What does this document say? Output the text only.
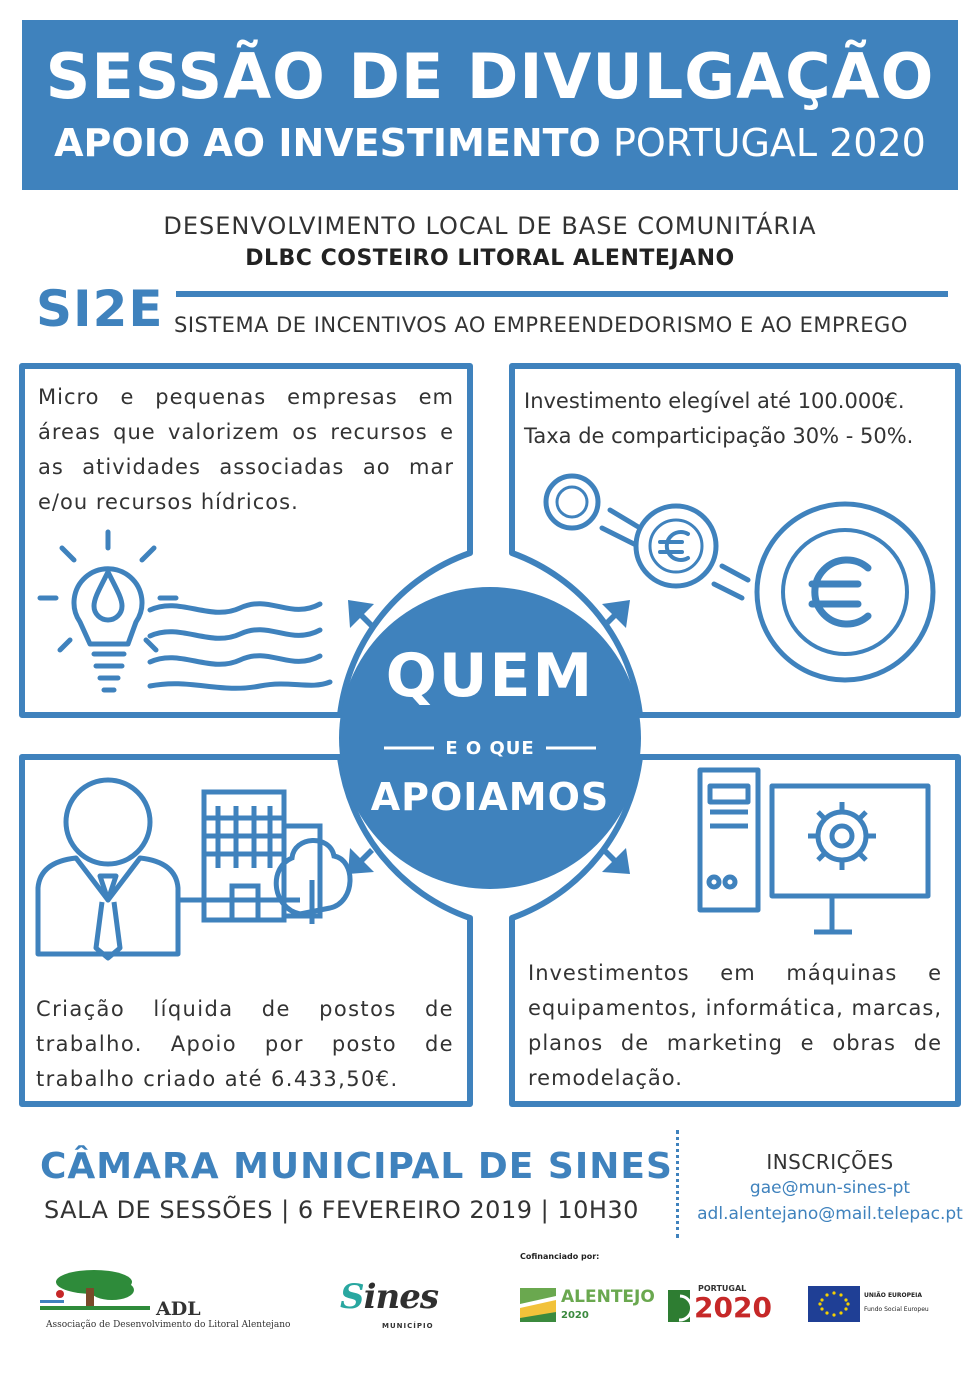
SESSÃO DE DIVULGAÇÃO
APOIO AO INVESTIMENTO PORTUGAL 2020
DESENVOLVIMENTO LOCAL DE BASE COMUNITÁRIA
DLBC COSTEIRO LITORAL ALENTEJANO
SI2E SISTEMA DE INCENTIVOS AO EMPREENDEDORISMO E AO EMPREGO
Micro e pequenas empresas em áreas que valorizem os recursos e as atividades associadas ao mar e/ou recursos hídricos.
Investimento elegível até 100.000€.
Taxa de comparticipação 30% - 50%.
Criação líquida de postos de trabalho. Apoio por posto de trabalho criado até 6.433,50€.
Investimentos em máquinas e equipamentos, informática, marcas, planos de marketing e obras de remodelação.
QUEM
E O QUE
APOIAMOS
CÂMARA MUNICIPAL DE SINES
SALA DE SESSÕES | 6 FEVEREIRO 2019 | 10H30
INSCRIÇÕES
gae@mun-sines-pt
adl.alentejano@mail.telepac.pt
Cofinanciado por:
ADL
Associação de Desenvolvimento do Litoral Alentejano
Sines
MUNICÍPIO
ALENTEJO
2020
PORTUGAL
2020	UNIÃO EUROPEIA
Fundo Social Europeu
